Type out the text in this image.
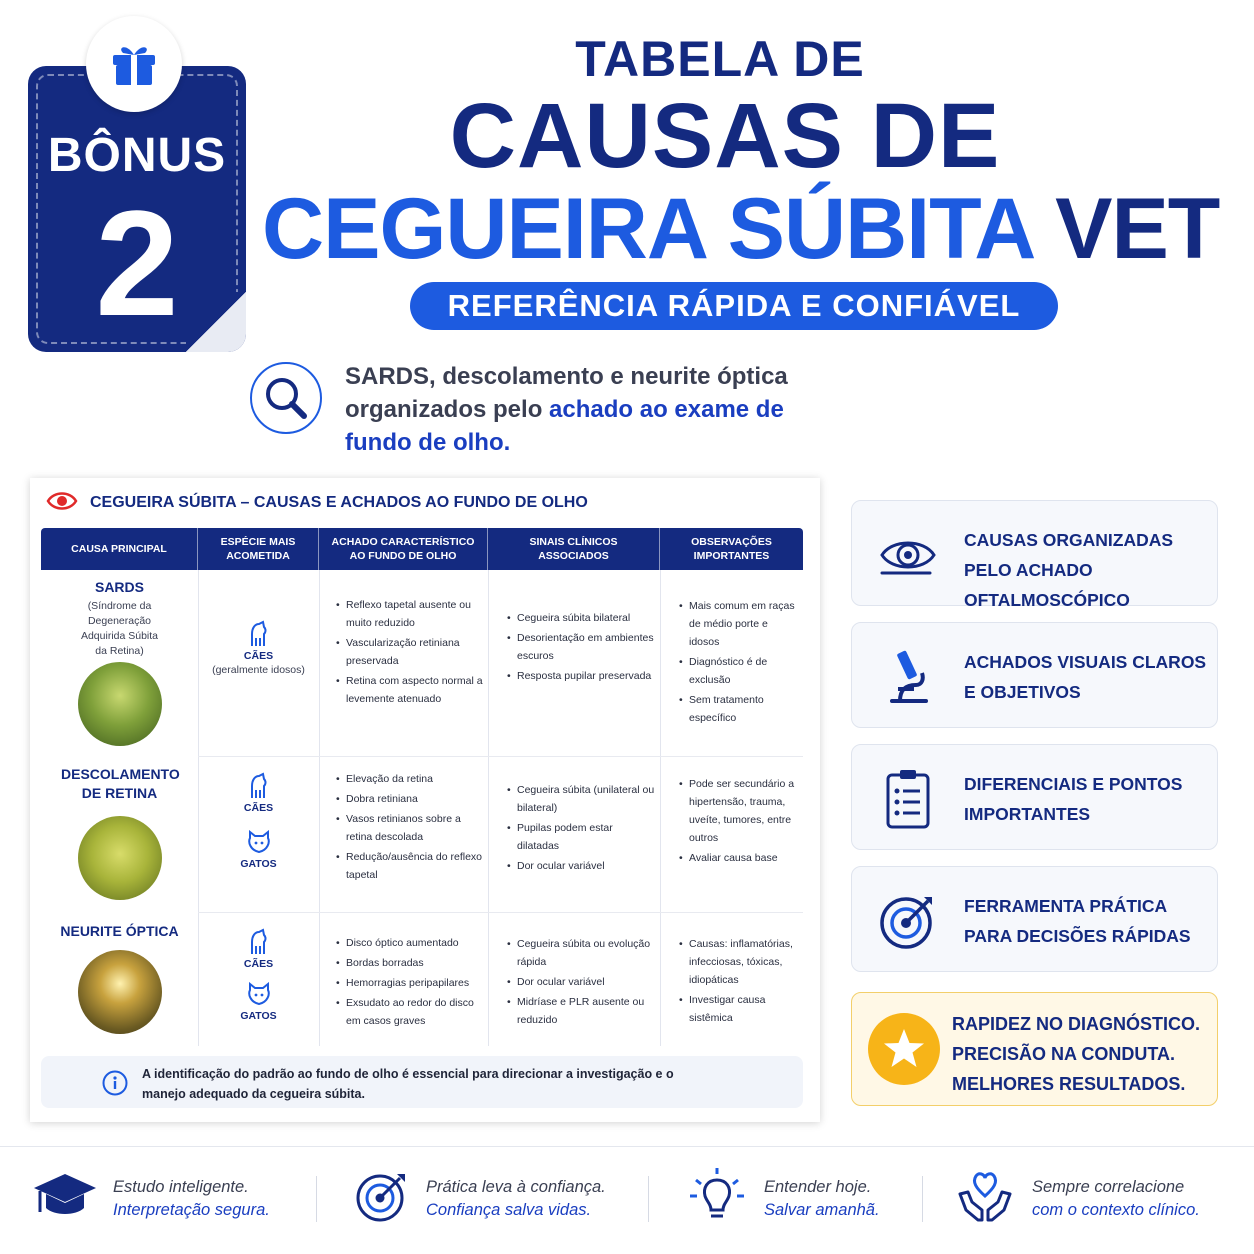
BÔNUS
2
TABELA DE
CAUSAS DE
CEGUEIRA SÚBITA VET
REFERÊNCIA RÁPIDA E CONFIÁVEL
SARDS, descolamento e neurite óptica organizados pelo achado ao exame de fundo de olho.
CEGUEIRA SÚBITA – CAUSAS E ACHADOS AO FUNDO DE OLHO
CAUSA PRINCIPAL
ESPÉCIE MAIS ACOMETIDA
ACHADO CARACTERÍSTICO AO FUNDO DE OLHO
SINAIS CLÍNICOS ASSOCIADOS
OBSERVAÇÕES IMPORTANTES
SARDS
(Síndrome da Degeneração Adquirida Súbita da Retina)	CÃES
(geralmente idosos)
• Reflexo tapetal ausente ou muito reduzido
• Vascularização retiniana preservada
• Retina com aspecto normal a levemente atenuado
• Cegueira súbita bilateral
• Desorientação em ambientes escuros
• Resposta pupilar preservada
• Mais comum em raças de médio porte e idosos
• Diagnóstico é de exclusão
• Sem tratamento específico
DESCOLAMENTO DE RETINA
CÃES
GATOS
• Elevação da retina
• Dobra retiniana
• Vasos retinianos sobre a retina descolada
• Redução/ausência do reflexo tapetal
• Cegueira súbita (unilateral ou bilateral)
• Pupilas podem estar dilatadas
• Dor ocular variável
• Pode ser secundário a hipertensão, trauma, uveíte, tumores, entre outros
• Avaliar causa base
NEURITE ÓPTICA
CÃES
GATOS
• Disco óptico aumentado
• Bordas borradas
• Hemorragias peripapilares
• Exsudato ao redor do disco em casos graves
• Cegueira súbita ou evolução rápida
• Dor ocular variável
• Midríase e PLR ausente ou reduzido
• Causas: inflamatórias, infecciosas, tóxicas, idiopáticas
• Investigar causa sistêmica
A identificação do padrão ao fundo de olho é essencial para direcionar a investigação e o manejo adequado da cegueira súbita.
CAUSAS ORGANIZADAS PELO ACHADO OFTALMOSCÓPICO
ACHADOS VISUAIS CLAROS E OBJETIVOS
DIFERENCIAIS E PONTOS IMPORTANTES
FERRAMENTA PRÁTICA PARA DECISÕES RÁPIDAS
RAPIDEZ NO DIAGNÓSTICO. PRECISÃO NA CONDUTA. MELHORES RESULTADOS.
Estudo inteligente.
Interpretação segura.
Prática leva à confiança.
Confiança salva vidas.
Entender hoje.
Salvar amanhã.
Sempre correlacione
com o contexto clínico.
